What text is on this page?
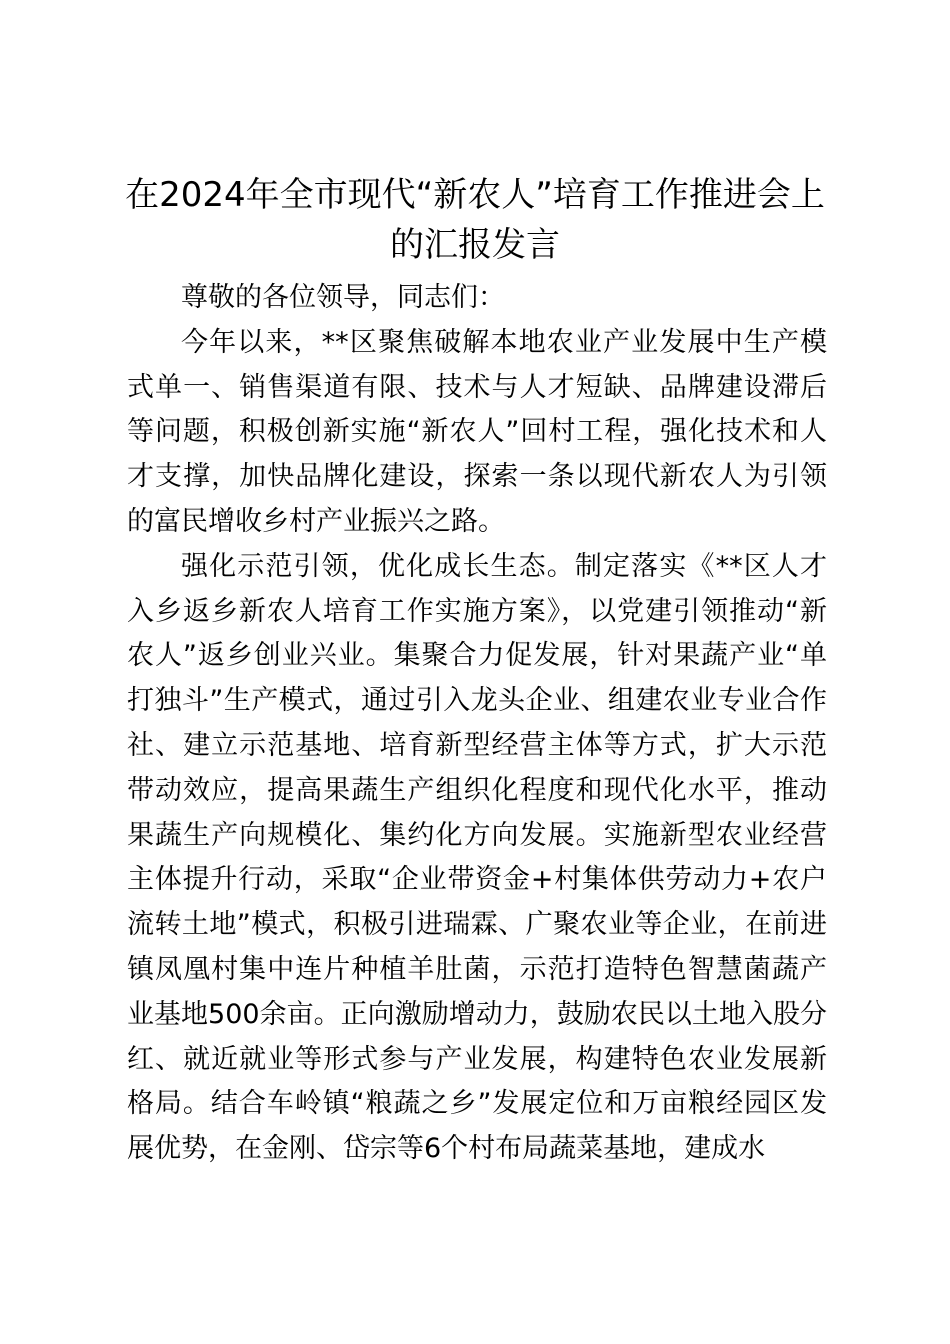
在2024年全市现代“新农人”培育工作推进会上的汇报发言

尊敬的各位领导，同志们：

今年以来，**区聚焦破解本地农业产业发展中生产模式单一、销售渠道有限、技术与人才短缺、品牌建设滞后等问题，积极创新实施“新农人”回村工程，强化技术和人才支撑，加快品牌化建设，探索一条以现代新农人为引领的富民增收乡村产业振兴之路。

强化示范引领，优化成长生态。制定落实《**区人才入乡返乡新农人培育工作实施方案》，以党建引领推动“新农人”返乡创业兴业。集聚合力促发展，针对果蔬产业“单打独斗”生产模式，通过引入龙头企业、组建农业专业合作社、建立示范基地、培育新型经营主体等方式，扩大示范带动效应，提高果蔬生产组织化程度和现代化水平，推动果蔬生产向规模化、集约化方向发展。实施新型农业经营主体提升行动，采取“企业带资金+村集体供劳动力+农户流转土地”模式，积极引进瑞霖、广聚农业等企业，在前进镇凤凰村集中连片种植羊肚菌，示范打造特色智慧菌蔬产业基地500余亩。正向激励增动力，鼓励农民以土地入股分红、就近就业等形式参与产业发展，构建特色农业发展新格局。结合车岭镇“粮蔬之乡”发展定位和万亩粮经园区发展优势，在金刚、岱宗等6个村布局蔬菜基地，建成水
